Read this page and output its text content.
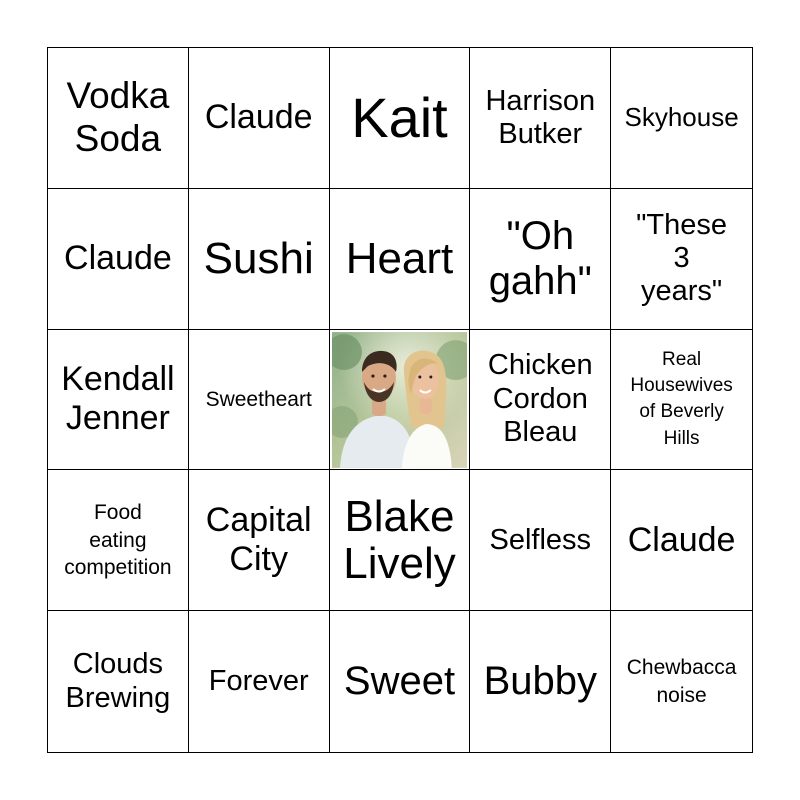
Vodka
Soda
Claude Kait Harrison
Butker
Skyhouse
Claude Sushi Heart	"Oh
gahh"
"These
3
years"
Kendall
Jenner
Sweetheart
Chicken
Cordon
Bleau
Real
Housewives
of Beverly
Hills
Food
eating
competition
Capital
City
Blake
Lively Selfless Claude
Clouds
Brewing
Forever Sweet Bubby Chewbacca
noise
